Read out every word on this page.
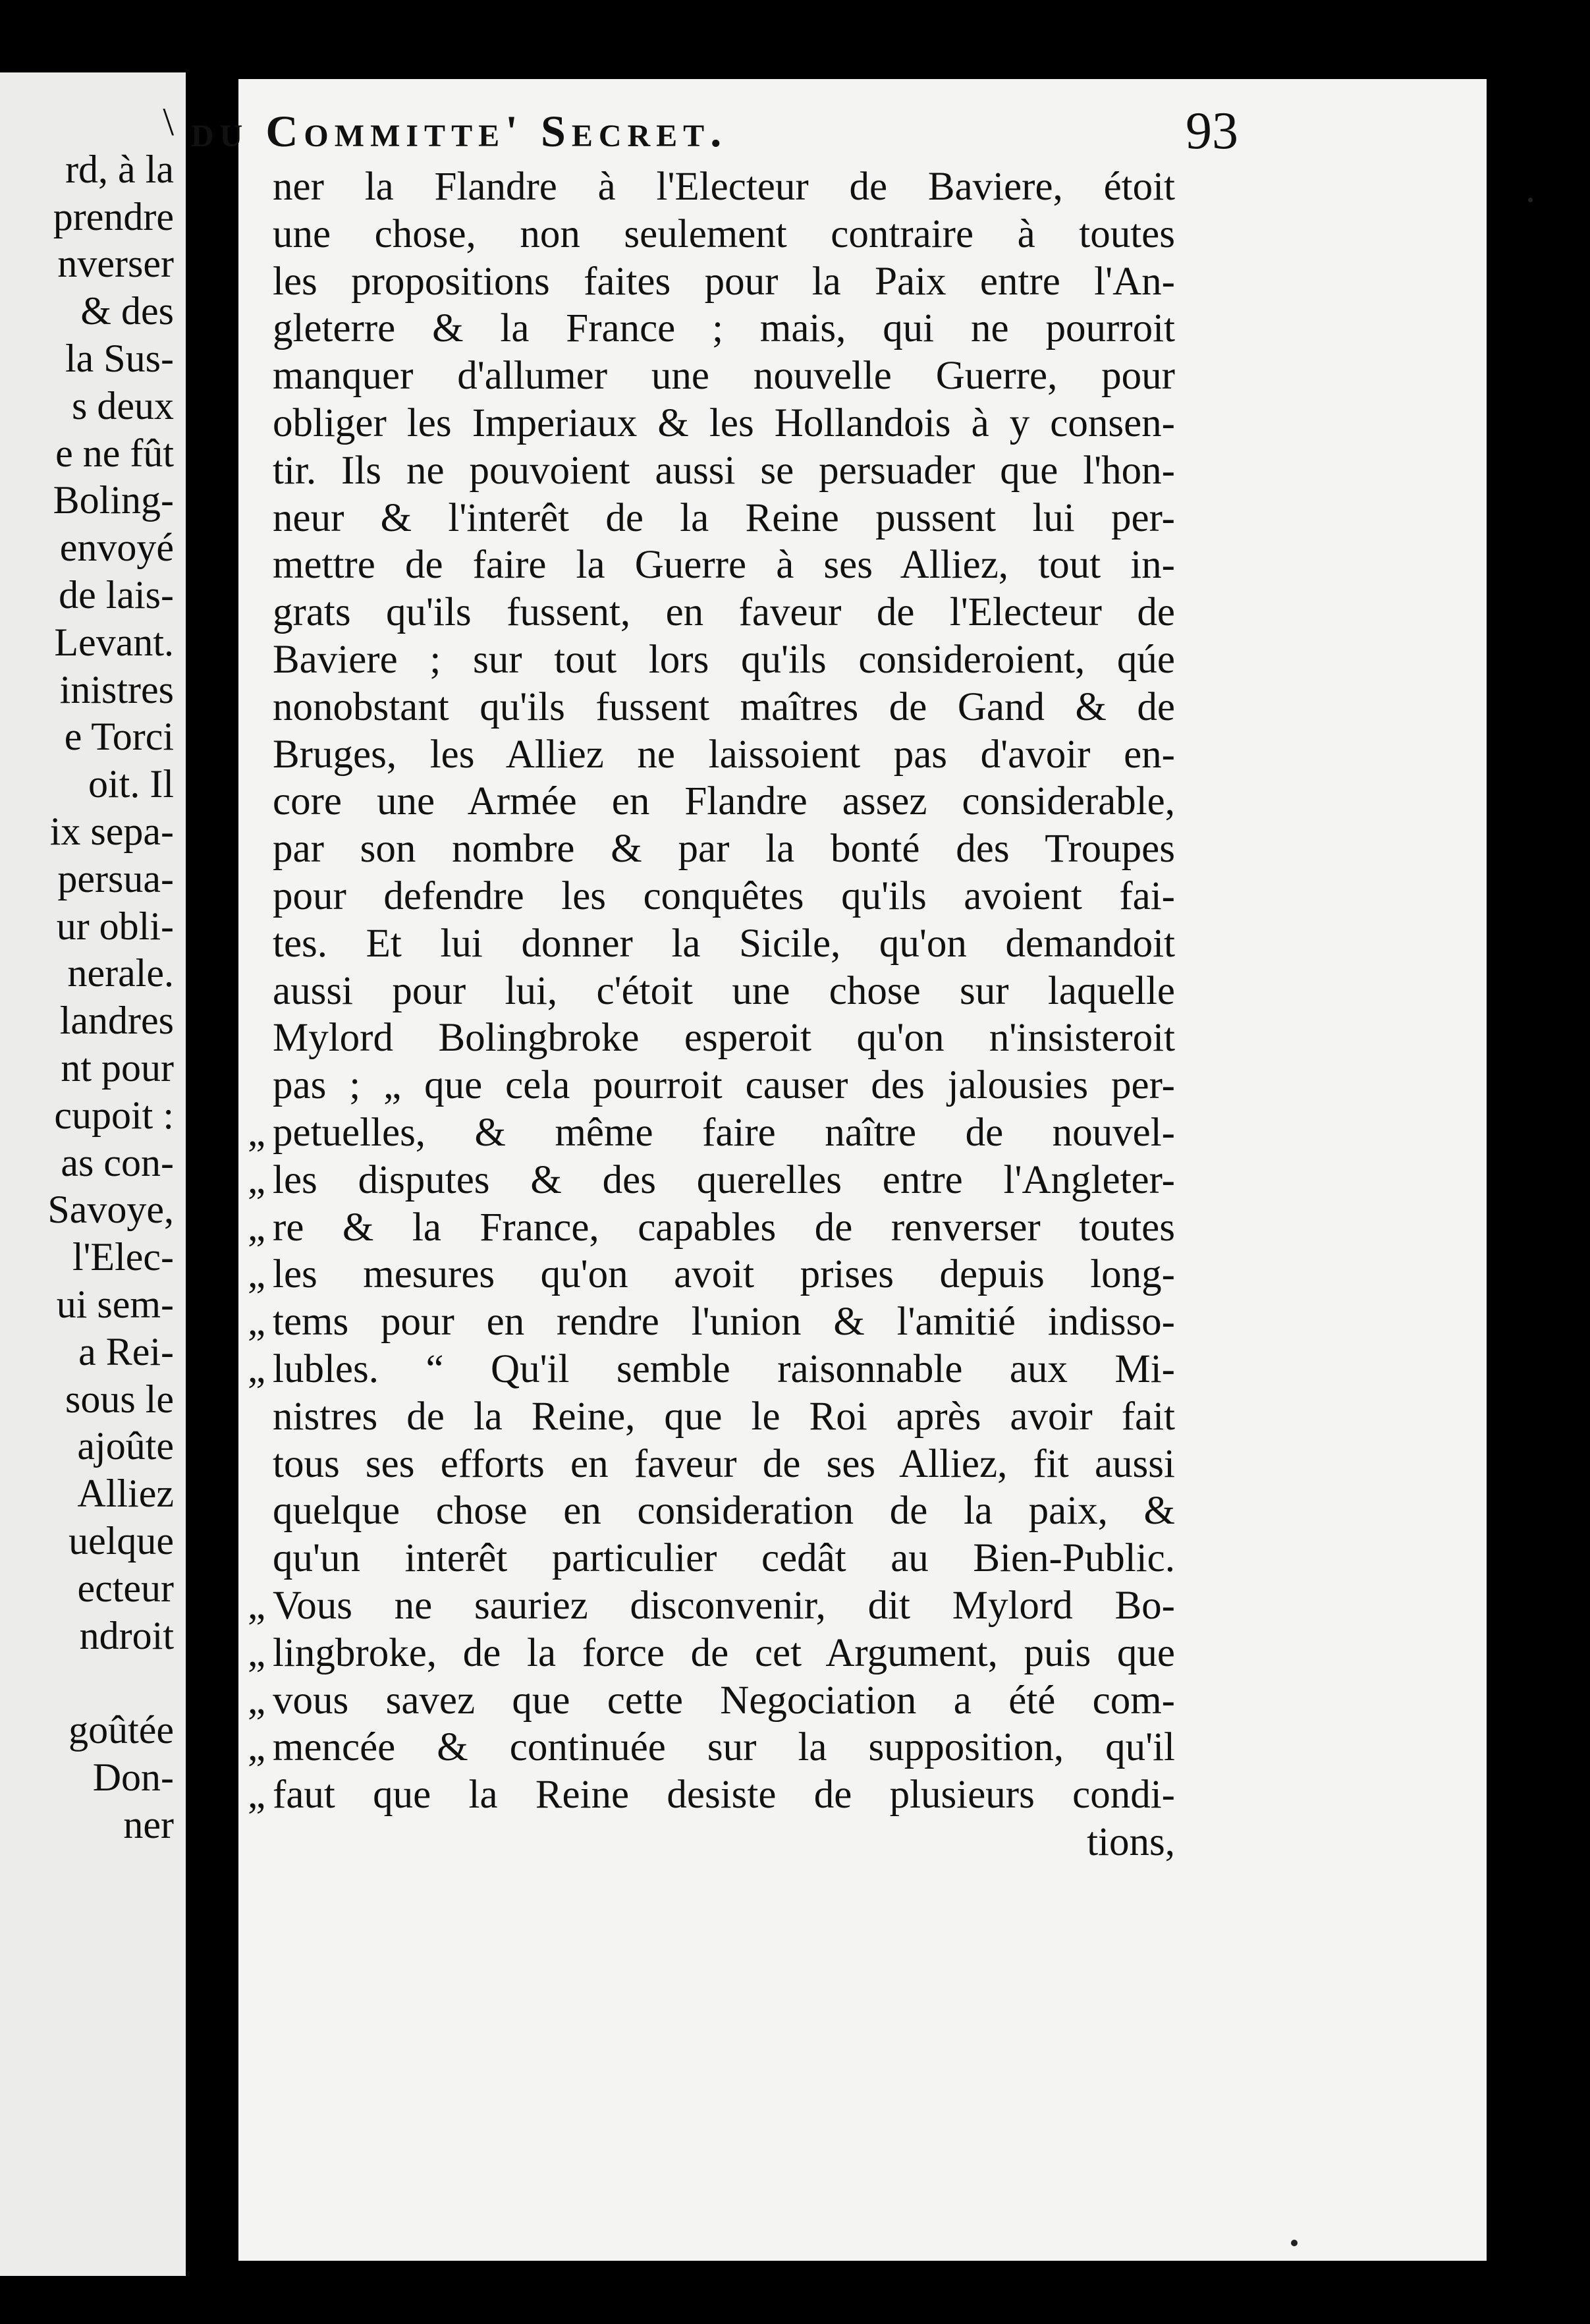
\
rd, à la
prendre
nverser
& des
la Sus-
s deux
e ne fût
Boling-
envoyé
de lais-
Levant.
inistres
e Torci
oit. Il
ix sepa-
persua-
ur obli-
nerale.
landres
nt pour
cupoit :
as con-
Savoye,
l'Elec-
ui sem-
a Rei-
sous le
ajoûte
Alliez
uelque
ecteur
ndroit
goûtée
Don-
ner
du Committe' Secret.	93
ner la Flandre à l'Electeur de Baviere, étoit
une chose, non seulement contraire à toutes
les propositions faites pour la Paix entre l'An-
gleterre & la France ; mais, qui ne pourroit
manquer d'allumer une nouvelle Guerre, pour
obliger les Imperiaux & les Hollandois à y consen-
tir. Ils ne pouvoient aussi se persuader que l'hon-
neur & l'interêt de la Reine pussent lui per-
mettre de faire la Guerre à ses Alliez, tout in-
grats qu'ils fussent, en faveur de l'Electeur de
Baviere ; sur tout lors qu'ils consideroient, qúe
nonobstant qu'ils fussent maîtres de Gand & de
Bruges, les Alliez ne laissoient pas d'avoir en-
core une Armée en Flandre assez considerable,
par son nombre & par la bonté des Troupes
pour defendre les conquêtes qu'ils avoient fai-
tes. Et lui donner la Sicile, qu'on demandoit
aussi pour lui, c'étoit une chose sur laquelle
Mylord Bolingbroke esperoit qu'on n'insisteroit
pas ; „ que cela pourroit causer des jalousies per-
„ petuelles, & même faire naître de nouvel-
„ les disputes & des querelles entre l'Angleter-
„ re & la France, capables de renverser toutes
„ les mesures qu'on avoit prises depuis long-
„ tems pour en rendre l'union & l'amitié indisso-
„ lubles. “ Qu'il semble raisonnable aux Mi-
nistres de la Reine, que le Roi après avoir fait
tous ses efforts en faveur de ses Alliez, fit aussi
quelque chose en consideration de la paix, &
qu'un interêt particulier cedât au Bien-Public.
„ Vous ne sauriez disconvenir, dit Mylord Bo-
„ lingbroke, de la force de cet Argument, puis que
„ vous savez que cette Negociation a été com-
„ mencée & continuée sur la supposition, qu'il
„ faut que la Reine desiste de plusieurs condi-
tions,
